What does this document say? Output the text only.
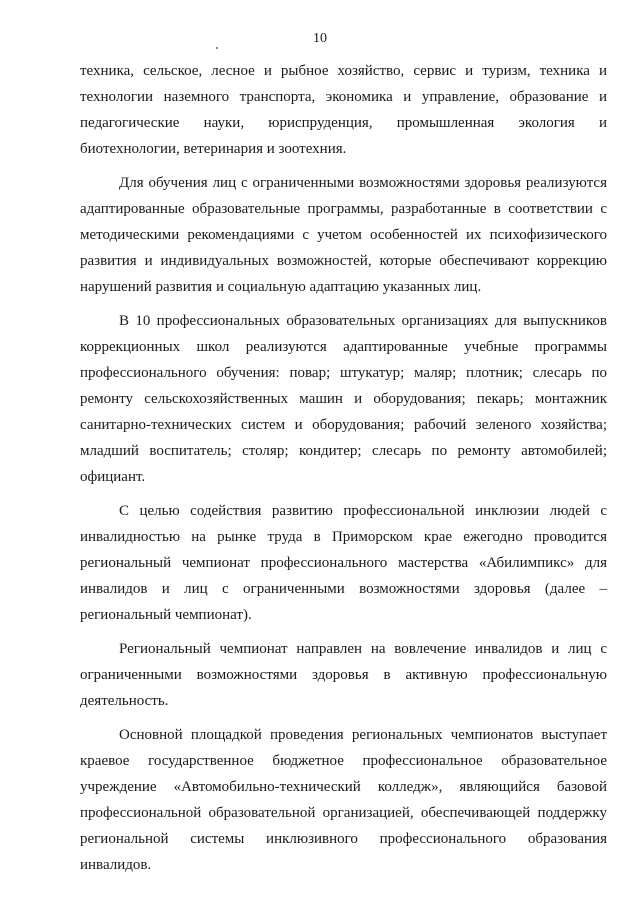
10

техника, сельское, лесное и рыбное хозяйство, сервис и туризм, техника и технологии наземного транспорта, экономика и управление, образование и педагогические науки, юриспруденция, промышленная экология и биотехнологии, ветеринария и зоотехния.

Для обучения лиц с ограниченными возможностями здоровья реализуются адаптированные образовательные программы, разработанные в соответствии с методическими рекомендациями с учетом особенностей их психофизического развития и индивидуальных возможностей, которые обеспечивают коррекцию нарушений развития и социальную адаптацию указанных лиц.

В 10 профессиональных образовательных организациях для выпускников коррекционных школ реализуются адаптированные учебные программы профессионального обучения: повар; штукатур; маляр; плотник; слесарь по ремонту сельскохозяйственных машин и оборудования; пекарь; монтажник санитарно-технических систем и оборудования; рабочий зеленого хозяйства; младший воспитатель; столяр; кондитер; слесарь по ремонту автомобилей; официант.

С целью содействия развитию профессиональной инклюзии людей с инвалидностью на рынке труда в Приморском крае ежегодно проводится региональный чемпионат профессионального мастерства «Абилимпикс» для инвалидов и лиц с ограниченными возможностями здоровья (далее – региональный чемпионат).

Региональный чемпионат направлен на вовлечение инвалидов и лиц с ограниченными возможностями здоровья в активную профессиональную деятельность.

Основной площадкой проведения региональных чемпионатов выступает краевое государственное бюджетное профессиональное образовательное учреждение «Автомобильно-технический колледж», являющийся базовой профессиональной образовательной организацией, обеспечивающей поддержку региональной системы инклюзивного профессионального образования инвалидов.
